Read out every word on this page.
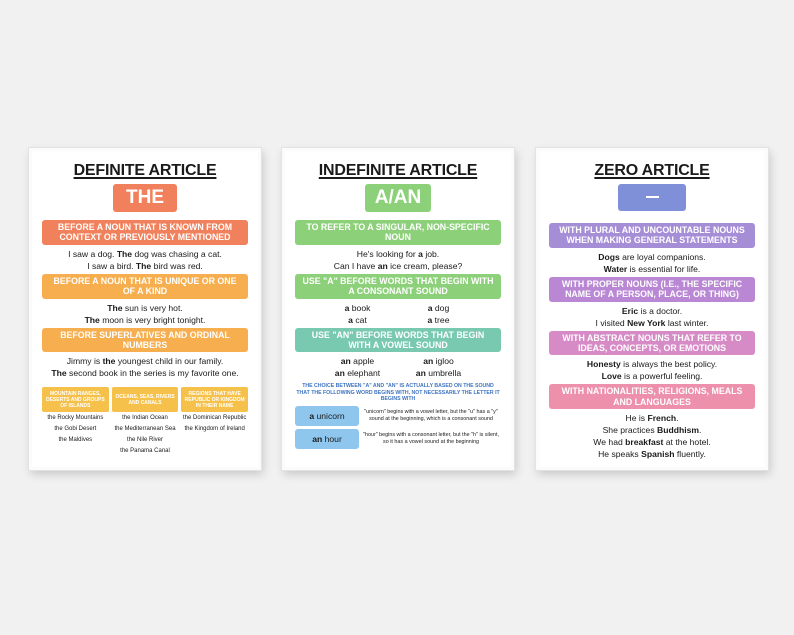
DEFINITE ARTICLE
THE
BEFORE A NOUN THAT IS KNOWN FROM CONTEXT OR PREVIOUSLY MENTIONED
I saw a dog. The dog was chasing a cat.
I saw a bird. The bird was red.
BEFORE A NOUN THAT IS UNIQUE OR ONE OF A KIND
The sun is very hot.
The moon is very bright tonight.
BEFORE SUPERLATIVES AND ORDINAL NUMBERS
Jimmy is the youngest child in our family.
The second book in the series is my favorite one.
MOUNTAIN RANGES, DESERTS AND GROUPS OF ISLANDS
the Rocky Mountains
the Gobi Desert
the Maldives
OCEANS, SEAS, RIVERS AND CANALS
the Indian Ocean
the Mediterranean Sea
the Nile River
the Panama Canal
REGIONS THAT HAVE REPUBLIC OR KINGDOM IN THEIR NAME
the Dominican Republic
the Kingdom of Ireland
INDEFINITE ARTICLE
A/AN
TO REFER TO A SINGULAR, NON-SPECIFIC NOUN
He's looking for a job.
Can I have an ice cream, please?
USE "A" BEFORE WORDS THAT BEGIN WITH A CONSONANT SOUND
a book	a dog
a cat	a tree
USE "AN" BEFORE WORDS THAT BEGIN WITH A VOWEL SOUND
an apple	an igloo
an elephant	an umbrella
THE CHOICE BETWEEN "A" AND "AN" IS ACTUALLY BASED ON THE SOUND THAT THE FOLLOWING WORD BEGINS WITH, NOT NECESSARILY THE LETTER IT BEGINS WITH
a unicorn	"unicorn" begins with a vowel letter, but the "u" has a "y" sound at the beginning, which is a consonant sound
an hour	"hour" begins with a consonant letter, but the "h" is silent, so it has a vowel sound at the beginning
ZERO ARTICLE
WITH PLURAL AND UNCOUNTABLE NOUNS WHEN MAKING GENERAL STATEMENTS
Dogs are loyal companions.
Water is essential for life.
WITH PROPER NOUNS (I.E., THE SPECIFIC NAME OF A PERSON, PLACE, OR THING)
Eric is a doctor.
I visited New York last winter.
WITH ABSTRACT NOUNS THAT REFER TO IDEAS, CONCEPTS, OR EMOTIONS
Honesty is always the best policy.
Love is a powerful feeling.
WITH NATIONALITIES, RELIGIONS, MEALS AND LANGUAGES
He is French.
She practices Buddhism.
We had breakfast at the hotel.
He speaks Spanish fluently.
